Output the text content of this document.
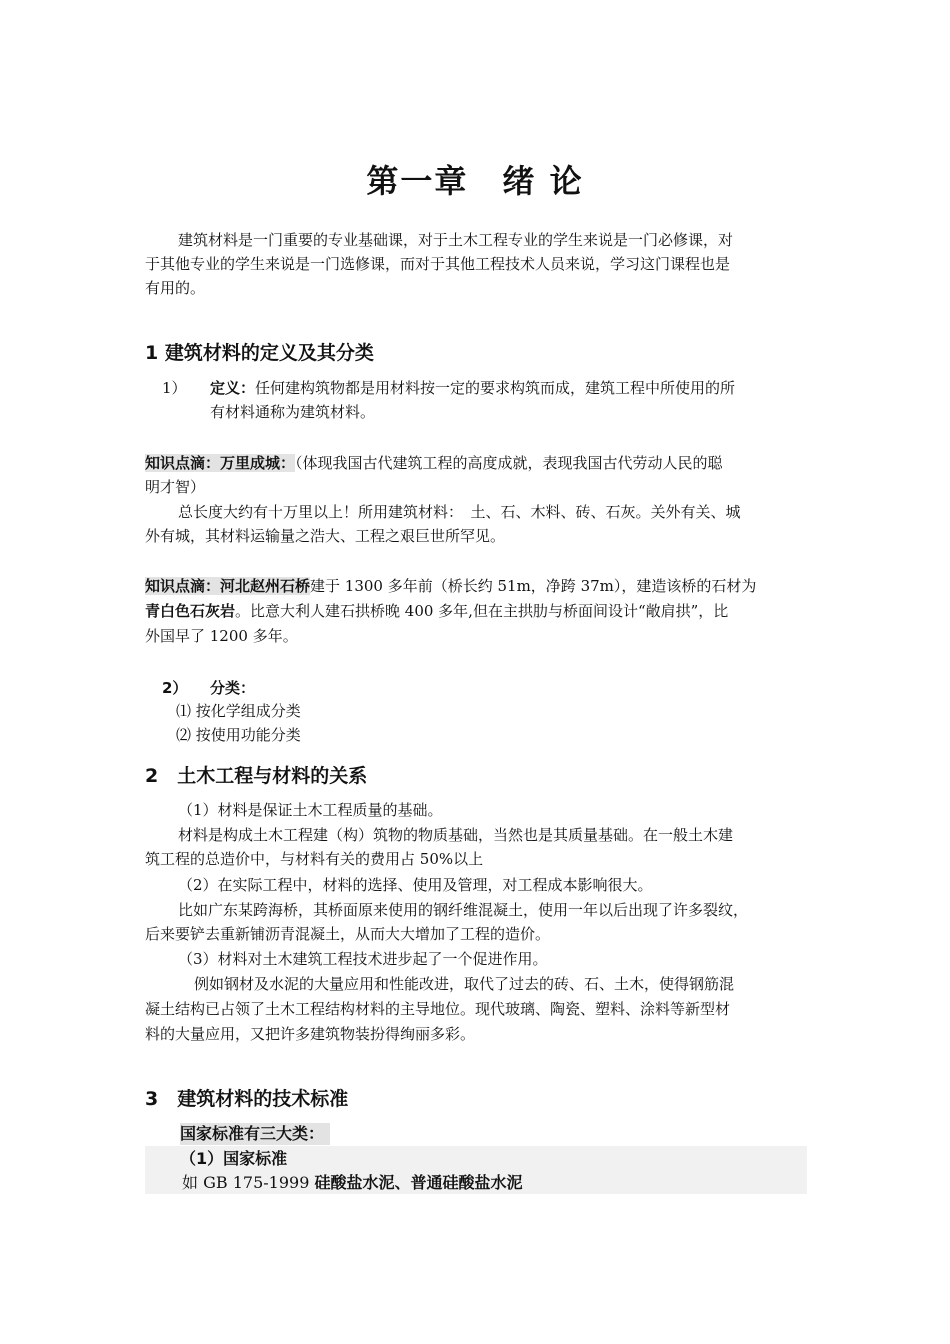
第一章　绪 论
建筑材料是一门重要的专业基础课，对于土木工程专业的学生来说是一门必修课，对
于其他专业的学生来说是一门选修课，而对于其他工程技术人员来说，学习这门课程也是
有用的。
1 建筑材料的定义及其分类
1） 定义：任何建构筑物都是用材料按一定的要求构筑而成，建筑工程中所使用的所
有材料通称为建筑材料。
知识点滴：万里成城：（体现我国古代建筑工程的高度成就，表现我国古代劳动人民的聪
明才智）
总长度大约有十万里以上！所用建筑材料：　土、石、木料、砖、石灰。关外有关、城
外有城，其材料运输量之浩大、工程之艰巨世所罕见。
知识点滴：河北赵州石桥建于 1300 多年前（桥长约 51m，净跨 37m），建造该桥的石材为
青白色石灰岩。比意大利人建石拱桥晚 400 多年,但在主拱肋与桥面间设计“敞肩拱”，比
外国早了 1200 多年。
2） 分类：
⑴ 按化学组成分类
⑵ 按使用功能分类
2　土木工程与材料的关系
（1）材料是保证土木工程质量的基础。
材料是构成土木工程建（构）筑物的物质基础，当然也是其质量基础。在一般土木建
筑工程的总造价中，与材料有关的费用占 50%以上
（2）在实际工程中，材料的选择、使用及管理，对工程成本影响很大。
比如广东某跨海桥，其桥面原来使用的钢纤维混凝土，使用一年以后出现了许多裂纹，
后来要铲去重新铺沥青混凝土，从而大大增加了工程的造价。
（3）材料对土木建筑工程技术进步起了一个促进作用。
例如钢材及水泥的大量应用和性能改进，取代了过去的砖、石、土木，使得钢筋混
凝土结构已占领了土木工程结构材料的主导地位。现代玻璃、陶瓷、塑料、涂料等新型材
料的大量应用，又把许多建筑物装扮得绚丽多彩。
3　建筑材料的技术标准
国家标准有三大类：
（1）国家标准
如 GB 175-1999 硅酸盐水泥、普通硅酸盐水泥
